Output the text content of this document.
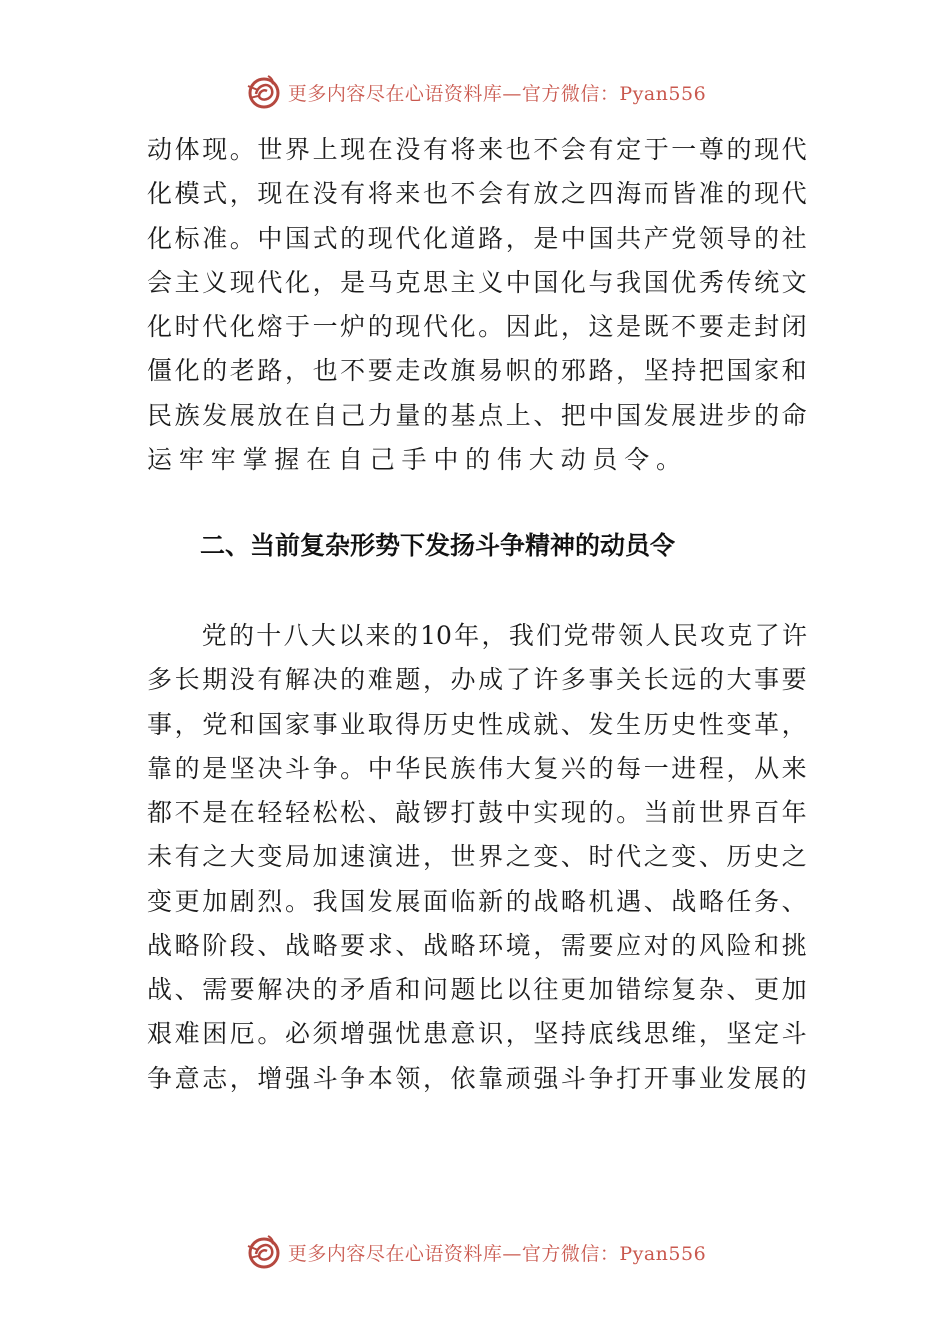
更多内容尽在心语资料库—官方微信：Pyan556
动 体 现 。 世 界 上 现 在 没 有 将 来 也 不 会 有 定 于 一 尊 的 现 代
化 模 式 ， 现 在 没 有 将 来 也 不 会 有 放 之 四 海 而 皆 准 的 现 代
化 标 准 。 中 国 式 的 现 代 化 道 路 ， 是 中 国 共 产 党 领 导 的 社
会 主 义 现 代 化 ， 是 马 克 思 主 义 中 国 化 与 我 国 优 秀 传 统 文
化 时 代 化 熔 于 一 炉 的 现 代 化 。 因 此 ， 这 是 既 不 要 走 封 闭
僵 化 的 老 路 ， 也 不 要 走 改 旗 易 帜 的 邪 路 ， 坚 持 把 国 家 和
民 族 发 展 放 在 自 己 力 量 的 基 点 上 、 把 中 国 发 展 进 步 的 命
运 牢 牢 掌 握 在 自 己 手 中 的 伟 大 动 员 令 。
二、当前复杂形势下发扬斗争精神的动员令

党 的 十 八 大 以 来 的 10 年 ， 我 们 党 带 领 人 民 攻 克 了 许
多 长 期 没 有 解 决 的 难 题 ， 办 成 了 许 多 事 关 长 远 的 大 事 要
事 ， 党 和 国 家 事 业 取 得 历 史 性 成 就 、 发 生 历 史 性 变 革 ，
靠 的 是 坚 决 斗 争 。 中 华 民 族 伟 大 复 兴 的 每 一 进 程 ， 从 来
都 不 是 在 轻 轻 松 松 、 敲 锣 打 鼓 中 实 现 的 。 当 前 世 界 百 年
未 有 之 大 变 局 加 速 演 进 ， 世 界 之 变 、 时 代 之 变 、 历 史 之
变 更 加 剧 烈 。 我 国 发 展 面 临 新 的 战 略 机 遇 、 战 略 任 务 、
战 略 阶 段 、 战 略 要 求 、 战 略 环 境 ， 需 要 应 对 的 风 险 和 挑
战 、 需 要 解 决 的 矛 盾 和 问 题 比 以 往 更 加 错 综 复 杂 、 更 加
艰 难 困 厄 。 必 须 增 强 忧 患 意 识 ， 坚 持 底 线 思 维 ， 坚 定 斗
争 意 志 ， 增 强 斗 争 本 领 ， 依 靠 顽 强 斗 争 打 开 事 业 发 展 的
更多内容尽在心语资料库—官方微信：Pyan556
